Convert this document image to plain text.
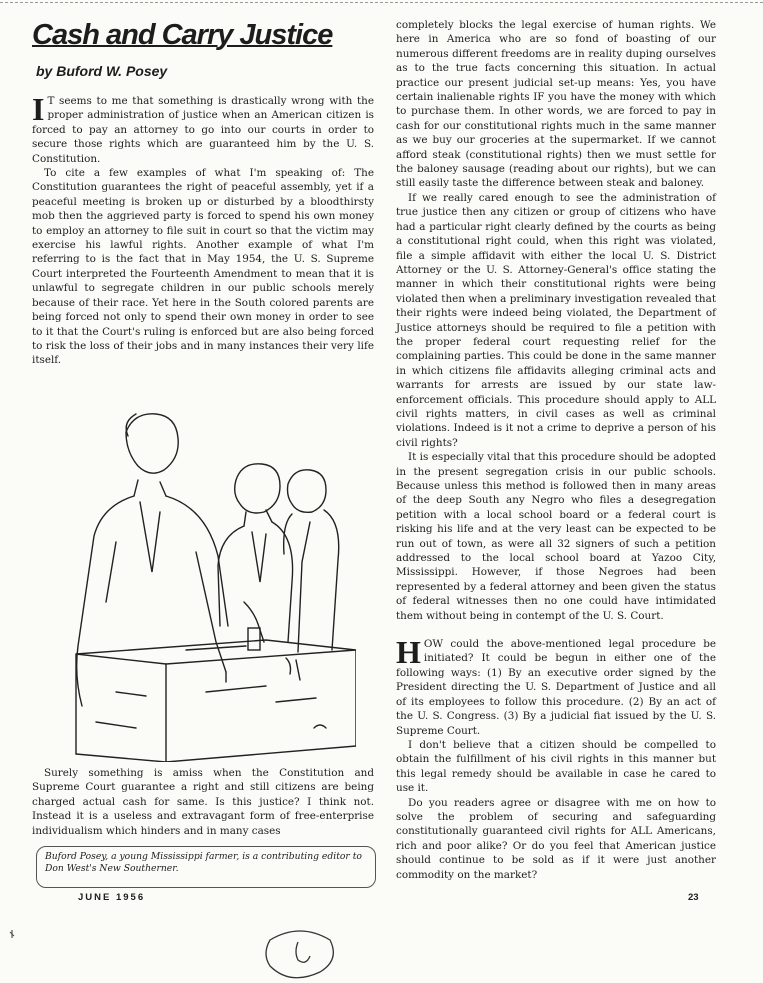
Cash and Carry Justice
by Buford W. Posey

I T seems to me that something is drastically wrong with the proper administration of justice when an American citizen is forced to pay an attorney to go into our courts in order to secure those rights which are guaranteed him by the U. S. Constitution.

To cite a few examples of what I'm speaking of: The Constitution guarantees the right of peaceful assembly, yet if a peaceful meeting is broken up or disturbed by a bloodthirsty mob then the aggrieved party is forced to spend his own money to employ an attorney to file suit in court so that the victim may exercise his lawful rights. Another example of what I'm referring to is the fact that in May 1954, the U. S. Supreme Court interpreted the Fourteenth Amendment to mean that it is unlawful to segregate children in our public schools merely because of their race. Yet here in the South colored parents are being forced not only to spend their own money in order to see to it that the Court's ruling is enforced but are also being forced to risk the loss of their jobs and in many instances their very life itself.

Surely something is amiss when the Constitution and Supreme Court guarantee a right and still citizens are being charged actual cash for same. Is this justice? I think not. Instead it is a useless and extravagant form of free-enterprise individualism which hinders and in many cases

Buford Posey, a young Mississippi farmer, is a contributing editor to Don West's New Southerner.

completely blocks the legal exercise of human rights. We here in America who are so fond of boasting of our numerous different freedoms are in reality duping ourselves as to the true facts concerning this situation. In actual practice our present judicial set-up means: Yes, you have certain inalienable rights IF you have the money with which to purchase them. In other words, we are forced to pay in cash for our constitutional rights much in the same manner as we buy our groceries at the supermarket. If we cannot afford steak (constitutional rights) then we must settle for the baloney sausage (reading about our rights), but we can still easily taste the difference between steak and baloney.

If we really cared enough to see the administration of true justice then any citizen or group of citizens who have had a particular right clearly defined by the courts as being a constitutional right could, when this right was violated, file a simple affidavit with either the local U. S. District Attorney or the U. S. Attorney-General's office stating the manner in which their constitutional rights were being violated then when a preliminary investigation revealed that their rights were indeed being violated, the Department of Justice attorneys should be required to file a petition with the proper federal court requesting relief for the complaining parties. This could be done in the same manner in which citizens file affidavits alleging criminal acts and warrants for arrests are issued by our state law-enforcement officials. This procedure should apply to ALL civil rights matters, in civil cases as well as criminal violations. Indeed is it not a crime to deprive a person of his civil rights?

It is especially vital that this procedure should be adopted in the present segregation crisis in our public schools. Because unless this method is followed then in many areas of the deep South any Negro who files a desegregation petition with a local school board or a federal court is risking his life and at the very least can be expected to be run out of town, as were all 32 signers of such a petition addressed to the local school board at Yazoo City, Mississippi. However, if those Negroes had been represented by a federal attorney and been given the status of federal witnesses then no one could have intimidated them without being in contempt of the U. S. Court.

HOW could the above-mentioned legal procedure be initiated? It could be begun in either one of the following ways: (1) By an executive order signed by the President directing the U. S. Department of Justice and all of its employees to follow this procedure. (2) By an act of the U. S. Congress. (3) By a judicial fiat issued by the U. S. Supreme Court.

I don't believe that a citizen should be compelled to obtain the fulfillment of his civil rights in this manner but this legal remedy should be available in case he cared to use it.

Do you readers agree or disagree with me on how to solve the problem of securing and safeguarding constitutionally guaranteed civil rights for ALL Americans, rich and poor alike? Or do you feel that American justice should continue to be sold as if it were just another commodity on the market?

JUNE 1956	23
